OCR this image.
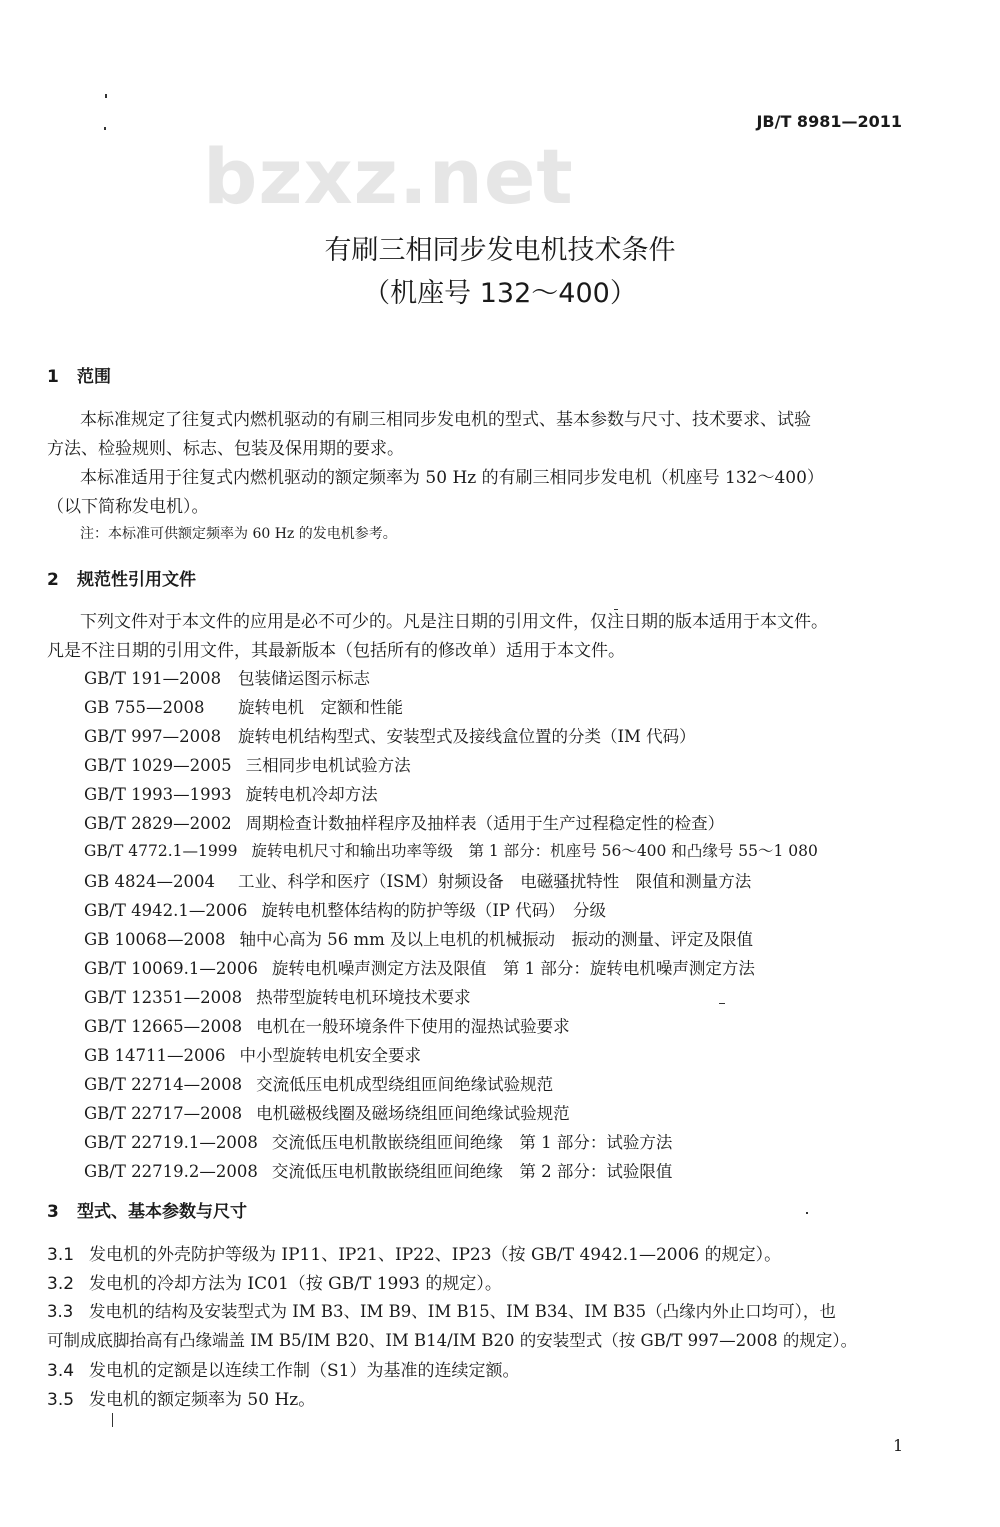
bzxz.net
JB/T 8981—2011
有刷三相同步发电机技术条件
（机座号 132～400）
1 范围
本标准规定了往复式内燃机驱动的有刷三相同步发电机的型式、基本参数与尺寸、技术要求、试验
方法、检验规则、标志、包装及保用期的要求。
本标准适用于往复式内燃机驱动的额定频率为 50 Hz 的有刷三相同步发电机（机座号 132～400）
（以下简称发电机）。
注：本标准可供额定频率为 60 Hz 的发电机参考。
2 规范性引用文件
下列文件对于本文件的应用是必不可少的。凡是注日期的引用文件，仅注日期的版本适用于本文件。
凡是不注日期的引用文件，其最新版本（包括所有的修改单）适用于本文件。
GB/T 191—2008 包装储运图示标志
GB 755—2008 旋转电机　定额和性能
GB/T 997—2008 旋转电机结构型式、安装型式及接线盒位置的分类（IM 代码）
GB/T 1029—2005 三相同步电机试验方法
GB/T 1993—1993 旋转电机冷却方法
GB/T 2829—2002 周期检查计数抽样程序及抽样表（适用于生产过程稳定性的检查）
GB/T 4772.1—1999 旋转电机尺寸和输出功率等级　第 1 部分：机座号 56～400 和凸缘号 55～1 080
GB 4824—2004 工业、科学和医疗（ISM）射频设备　电磁骚扰特性　限值和测量方法
GB/T 4942.1—2006 旋转电机整体结构的防护等级（IP 代码）　分级
GB 10068—2008 轴中心高为 56 mm 及以上电机的机械振动　振动的测量、评定及限值
GB/T 10069.1—2006 旋转电机噪声测定方法及限值　第 1 部分：旋转电机噪声测定方法
GB/T 12351—2008 热带型旋转电机环境技术要求
GB/T 12665—2008 电机在一般环境条件下使用的湿热试验要求
GB 14711—2006 中小型旋转电机安全要求
GB/T 22714—2008 交流低压电机成型绕组匝间绝缘试验规范
GB/T 22717—2008 电机磁极线圈及磁场绕组匝间绝缘试验规范
GB/T 22719.1—2008 交流低压电机散嵌绕组匝间绝缘　第 1 部分：试验方法
GB/T 22719.2—2008 交流低压电机散嵌绕组匝间绝缘　第 2 部分：试验限值
3 型式、基本参数与尺寸
3.1 发电机的外壳防护等级为 IP11、IP21、IP22、IP23（按 GB/T 4942.1—2006 的规定）。
3.2 发电机的冷却方法为 IC01（按 GB/T 1993 的规定）。
3.3 发电机的结构及安装型式为 IM B3、IM B9、IM B15、IM B34、IM B35（凸缘内外止口均可），也
可制成底脚抬高有凸缘端盖 IM B5/IM B20、IM B14/IM B20 的安装型式（按 GB/T 997—2008 的规定）。
3.4 发电机的定额是以连续工作制（S1）为基准的连续定额。
3.5 发电机的额定频率为 50 Hz。
1
